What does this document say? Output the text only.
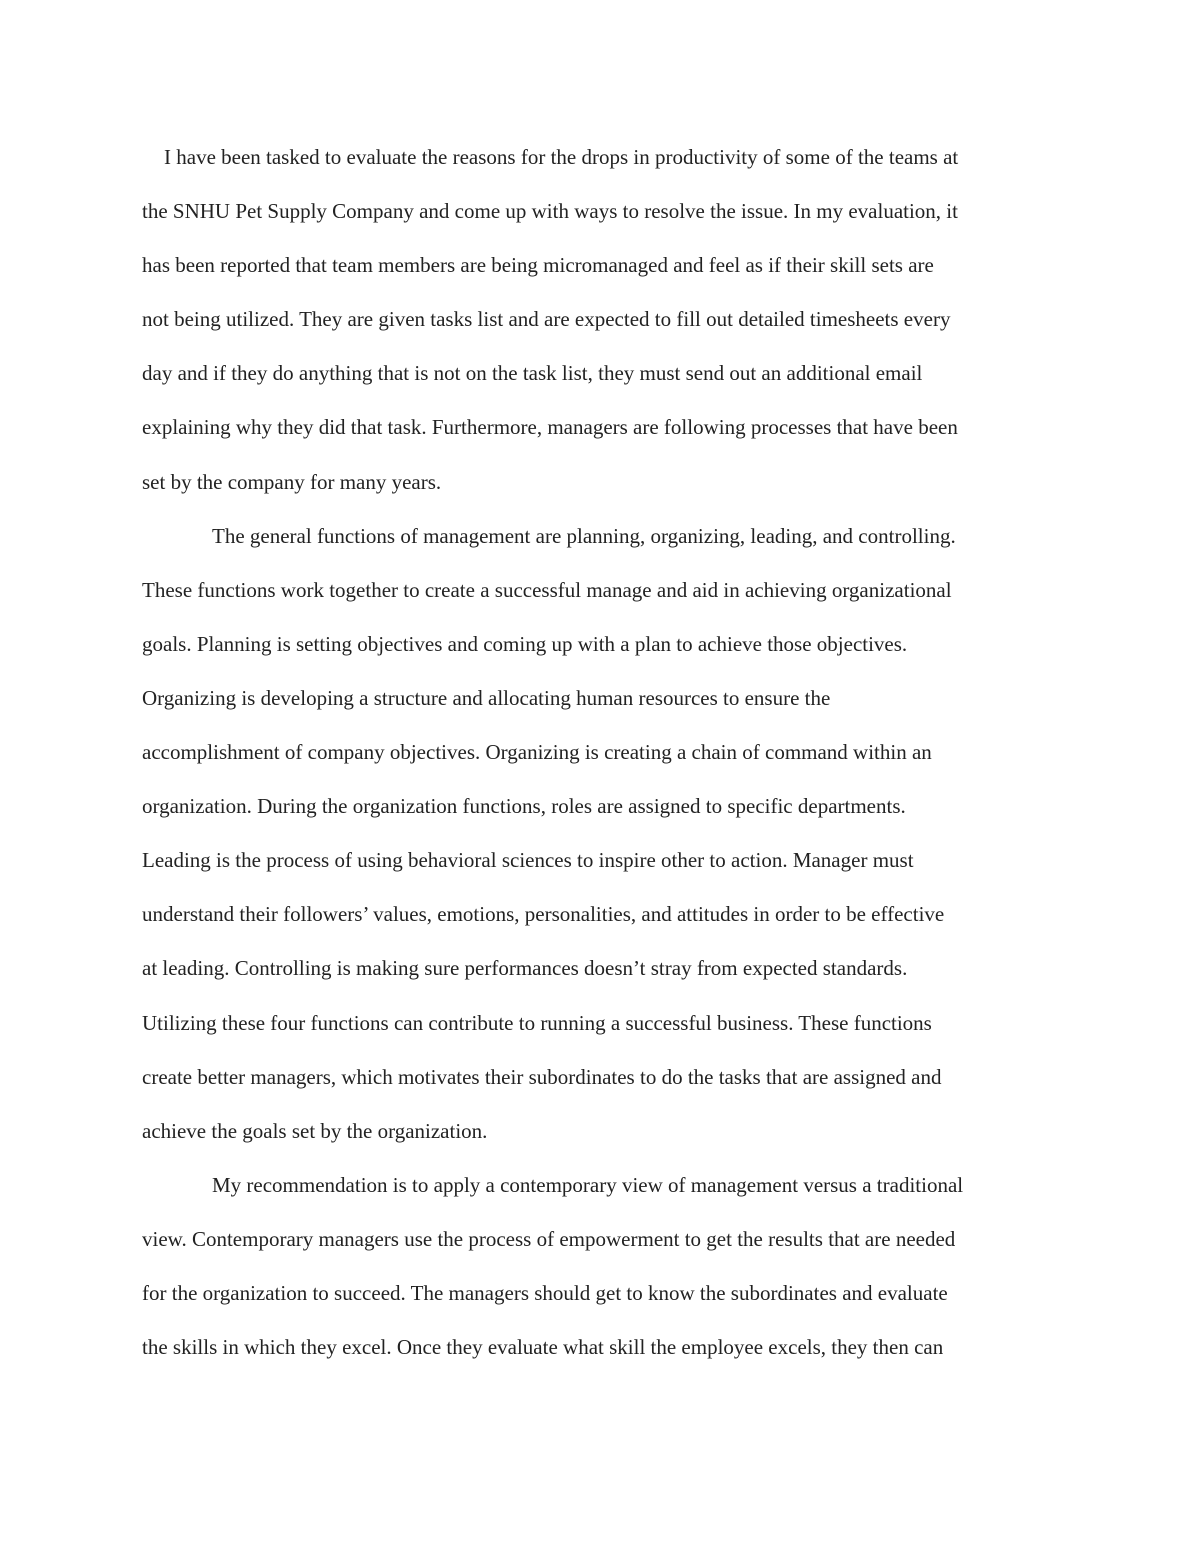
I have been tasked to evaluate the reasons for the drops in productivity of some of the teams at
the SNHU Pet Supply Company and come up with ways to resolve the issue. In my evaluation, it
has been reported that team members are being micromanaged and feel as if their skill sets are
not being utilized. They are given tasks list and are expected to fill out detailed timesheets every
day and if they do anything that is not on the task list, they must send out an additional email
explaining why they did that task. Furthermore, managers are following processes that have been
set by the company for many years.
The general functions of management are planning, organizing, leading, and controlling.
These functions work together to create a successful manage and aid in achieving organizational
goals. Planning is setting objectives and coming up with a plan to achieve those objectives.
Organizing is developing a structure and allocating human resources to ensure the
accomplishment of company objectives. Organizing is creating a chain of command within an
organization. During the organization functions, roles are assigned to specific departments.
Leading is the process of using behavioral sciences to inspire other to action. Manager must
understand their followers’ values, emotions, personalities, and attitudes in order to be effective
at leading. Controlling is making sure performances doesn’t stray from expected standards.
Utilizing these four functions can contribute to running a successful business. These functions
create better managers, which motivates their subordinates to do the tasks that are assigned and
achieve the goals set by the organization.
My recommendation is to apply a contemporary view of management versus a traditional
view. Contemporary managers use the process of empowerment to get the results that are needed
for the organization to succeed. The managers should get to know the subordinates and evaluate
the skills in which they excel. Once they evaluate what skill the employee excels, they then can
